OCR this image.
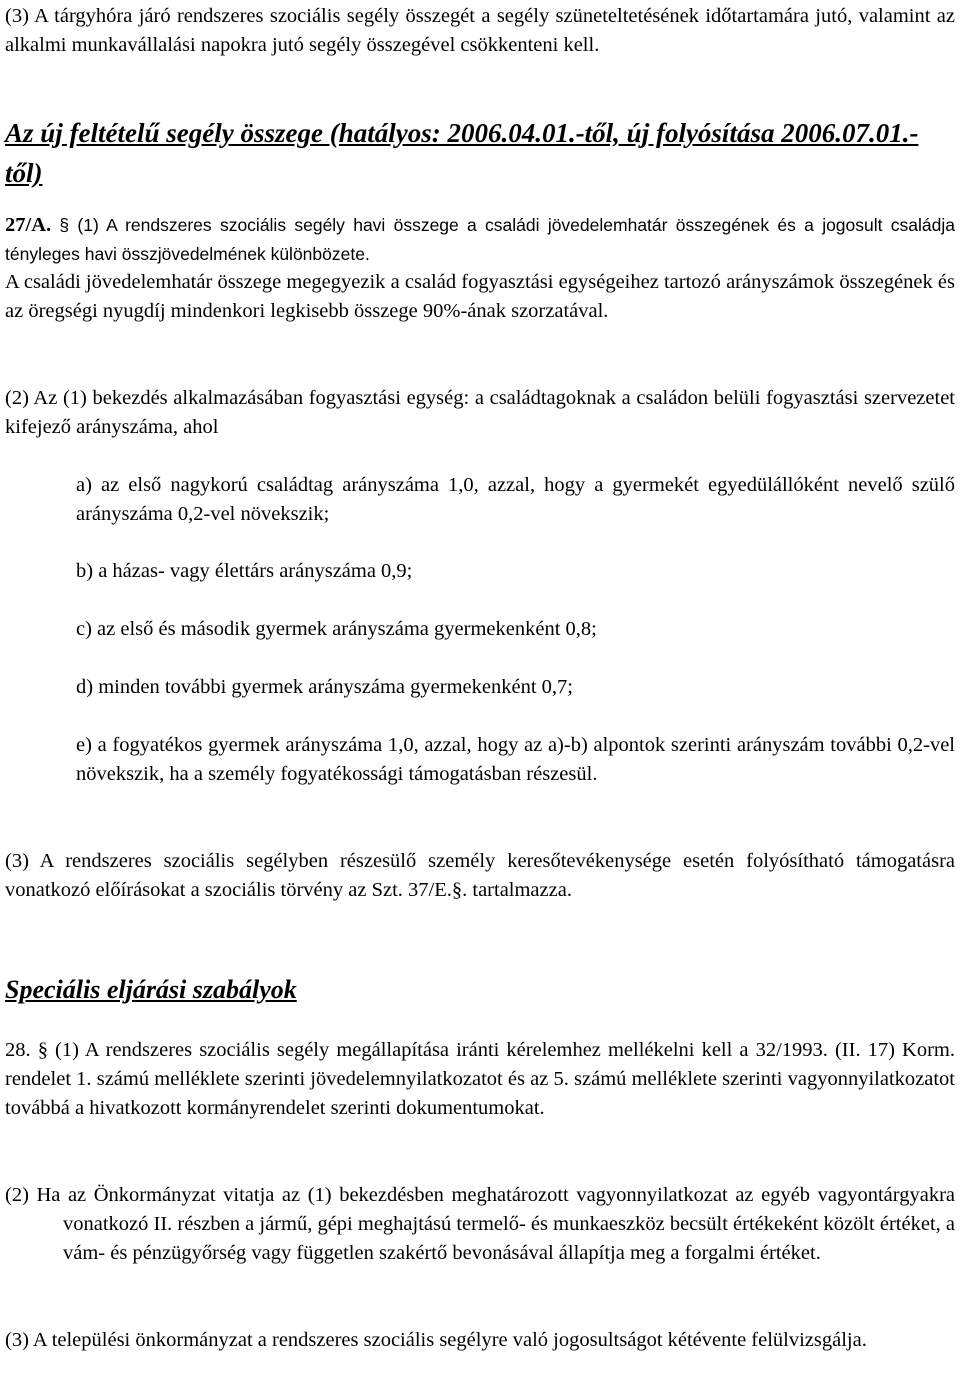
(3) A tárgyhóra járó rendszeres szociális segély összegét a segély szüneteltetésének időtartamára jutó, valamint az alkalmi munkavállalási napokra jutó segély összegével csökkenteni kell.
Az új feltételű segély összege (hatályos: 2006.04.01.-től, új folyósítása 2006.07.01.-től)
27/A. § (1) A rendszeres szociális segély havi összege a családi jövedelemhatár összegének és a jogosult családja tényleges havi összjövedelmének különbözete.
A családi jövedelemhatár összege megegyezik a család fogyasztási egységeihez tartozó arányszámok összegének és az öregségi nyugdíj mindenkori legkisebb összege 90%-ának szorzatával.
(2) Az (1) bekezdés alkalmazásában fogyasztási egység: a családtagoknak a családon belüli fogyasztási szervezetet kifejező arányszáma, ahol
a) az első nagykorú családtag arányszáma 1,0, azzal, hogy a gyermekét egyedülállóként nevelő szülő arányszáma 0,2-vel növekszik;
b) a házas- vagy élettárs arányszáma 0,9;
c) az első és második gyermek arányszáma gyermekenként 0,8;
d) minden további gyermek arányszáma gyermekenként 0,7;
e) a fogyatékos gyermek arányszáma 1,0, azzal, hogy az a)-b) alpontok szerinti arányszám további 0,2-vel növekszik, ha a személy fogyatékossági támogatásban részesül.
(3) A rendszeres szociális segélyben részesülő személy keresőtevékenysége esetén folyósítható támogatásra vonatkozó előírásokat a szociális törvény az Szt. 37/E.§. tartalmazza.
Speciális eljárási szabályok
28. § (1) A rendszeres szociális segély megállapítása iránti kérelemhez mellékelni kell a 32/1993. (II. 17) Korm. rendelet 1. számú melléklete szerinti jövedelemnyilatkozatot és az 5. számú melléklete szerinti vagyonnyilatkozatot továbbá a hivatkozott kormányrendelet szerinti dokumentumokat.
(2) Ha az Önkormányzat vitatja az (1) bekezdésben meghatározott vagyonnyilatkozat az egyéb vagyontárgyakra vonatkozó II. részben a jármű, gépi meghajtású termelő- és munkaeszköz becsült értékeként közölt értéket, a vám- és pénzügyőrség vagy független szakértő bevonásával állapítja meg a forgalmi értéket.
(3) A települési önkormányzat a rendszeres szociális segélyre való jogosultságot kétévente felülvizsgálja.
